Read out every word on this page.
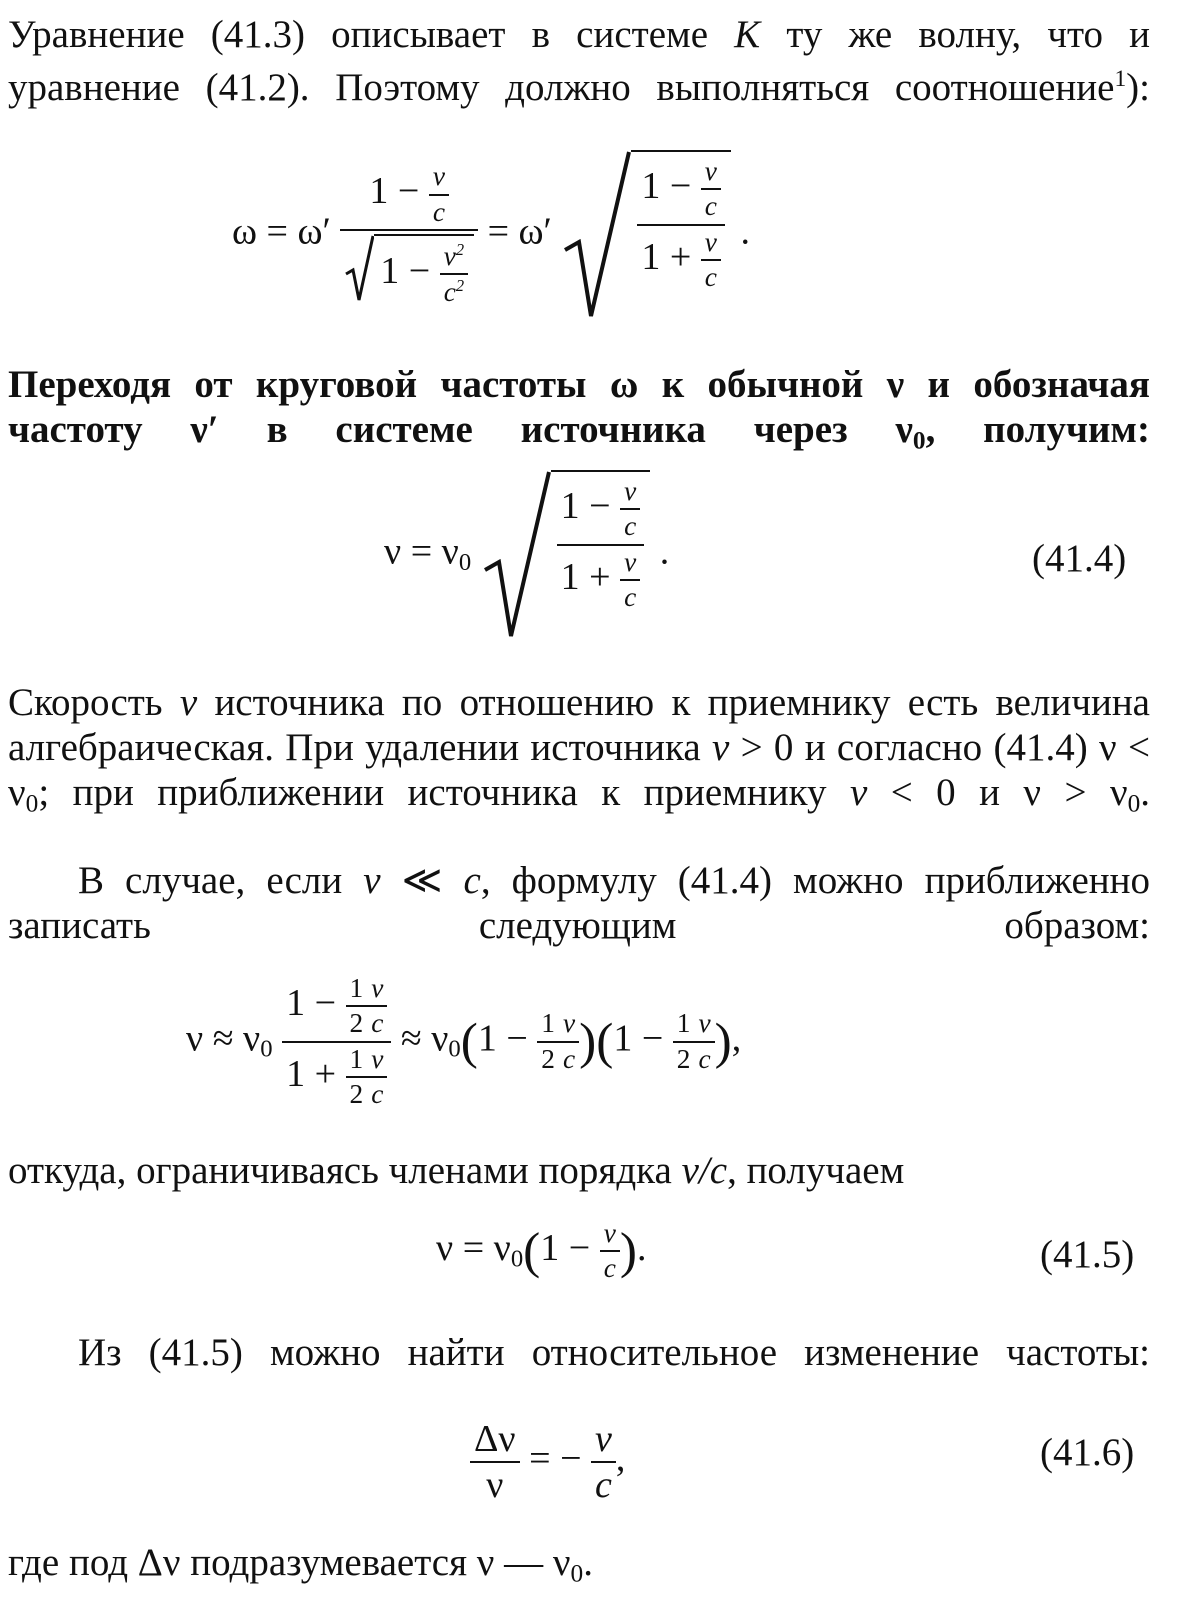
Уравнение (41.3) описывает в системе K ту же волну, что и уравнение (41.2). Поэтому должно выполняться соотношение$^1$):
$\omega = \omega' \frac{1 - \frac{v}{c}}{1 - \frac{v^2}{c^2}} = \omega' \frac{1 - \frac{v}{c}}{1 + \frac{v}{c}}$ .
Переходя от круговой частоты ω к обычной ν и обозначая частоту ν′ в системе источника через $\nu_0$, получим:
$\nu = \nu_0 \frac{1 - \frac{v}{c}}{1 + \frac{v}{c}}$ .	(41.4)
Скорость v источника по отношению к приемнику есть величина алгебраическая. При удалении источника v > 0 и согласно (41.4) $\nu < \nu_0$; при приближении источника к приемнику v < 0 и $\nu > \nu_0$.
В случае, если v ≪ c, формулу (41.4) можно приближенно записать следующим образом:
$\nu \approx \nu_0 \frac{1 - \frac{1}{2} \frac{v}{c}}{1 + \frac{1}{2} \frac{v}{c}} \approx \nu_0(1 - \frac{1}{2} \frac{v}{c} )(1 - \frac{1}{2} \frac{v}{c}$ ),
откуда, ограничиваясь членами порядка v/c, получаем
$\nu = \nu_0(1 - \frac{v}{c}$ ).	(41.5)
Из (41.5) можно найти относительное изменение частоты:
$\frac{\Delta\nu}{\nu}$ = − $\frac{v}{c}$ ,	(41.6)
где под Δν подразумевается ν — $\nu_0$.
